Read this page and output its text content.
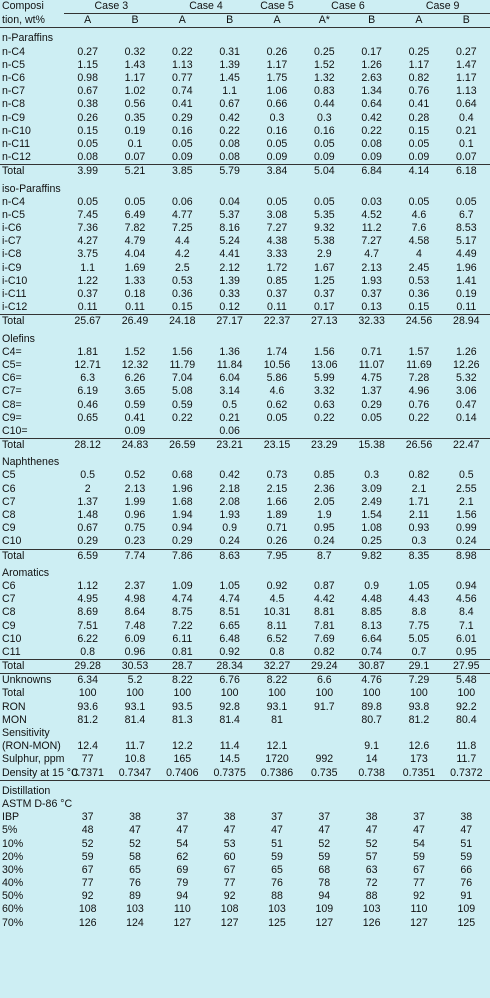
Composi	Case 3		Case 4		Case 5	Case 6		Case 9	
tion, wt%	A	B	A	B	A	A*	B	A	B
n-Paraffins									
n-C4	0.27	0.32	0.22	0.31	0.26	0.25	0.17	0.25	0.27
n-C5	1.15	1.43	1.13	1.39	1.17	1.52	1.26	1.17	1.47
n-C6	0.98	1.17	0.77	1.45	1.75	1.32	2.63	0.82	1.17
n-C7	0.67	1.02	0.74	1.1	1.06	0.83	1.34	0.76	1.13
n-C8	0.38	0.56	0.41	0.67	0.66	0.44	0.64	0.41	0.64
n-C9	0.26	0.35	0.29	0.42	0.3	0.3	0.42	0.28	0.4
n-C10	0.15	0.19	0.16	0.22	0.16	0.16	0.22	0.15	0.21
n-C11	0.05	0.1	0.05	0.08	0.05	0.05	0.08	0.05	0.1
n-C12	0.08	0.07	0.09	0.08	0.09	0.09	0.09	0.09	0.07
Total	3.99	5.21	3.85	5.79	3.84	5.04	6.84	4.14	6.18
iso-Paraffins									
n-C4	0.05	0.05	0.06	0.04	0.05	0.05	0.03	0.05	0.05
n-C5	7.45	6.49	4.77	5.37	3.08	5.35	4.52	4.6	6.7
i-C6	7.36	7.82	7.25	8.16	7.27	9.32	11.2	7.6	8.53
i-C7	4.27	4.79	4.4	5.24	4.38	5.38	7.27	4.58	5.17
i-C8	3.75	4.04	4.2	4.41	3.33	2.9	4.7	4	4.49
i-C9	1.1	1.69	2.5	2.12	1.72	1.67	2.13	2.45	1.96
i-C10	1.22	1.33	0.53	1.39	0.85	1.25	1.93	0.53	1.41
i-C11	0.37	0.18	0.36	0.33	0.37	0.37	0.37	0.36	0.19
i-C12	0.11	0.11	0.15	0.12	0.11	0.17	0.13	0.15	0.11
Total	25.67	26.49	24.18	27.17	22.37	27.13	32.33	24.56	28.94
Olefins									
C4=	1.81	1.52	1.56	1.36	1.74	1.56	0.71	1.57	1.26
C5=	12.71	12.32	11.79	11.84	10.56	13.06	11.07	11.69	12.26
C6=	6.3	6.26	7.04	6.04	5.86	5.99	4.75	7.28	5.32
C7=	6.19	3.65	5.08	3.14	4.6	3.32	1.37	4.96	3.06
C8=	0.46	0.59	0.59	0.5	0.62	0.63	0.29	0.76	0.47
C9=	0.65	0.41	0.22	0.21	0.05	0.22	0.05	0.22	0.14
C10=		0.09		0.06					
Total	28.12	24.83	26.59	23.21	23.15	23.29	15.38	26.56	22.47
Naphthenes									
C5	0.5	0.52	0.68	0.42	0.73	0.85	0.3	0.82	0.5
C6	2	2.13	1.96	2.18	2.15	2.36	3.09	2.1	2.55
C7	1.37	1.99	1.68	2.08	1.66	2.05	2.49	1.71	2.1
C8	1.48	0.96	1.94	1.93	1.89	1.9	1.54	2.11	1.56
C9	0.67	0.75	0.94	0.9	0.71	0.95	1.08	0.93	0.99
C10	0.29	0.23	0.29	0.24	0.26	0.24	0.25	0.3	0.24
Total	6.59	7.74	7.86	8.63	7.95	8.7	9.82	8.35	8.98
Aromatics									
C6	1.12	2.37	1.09	1.05	0.92	0.87	0.9	1.05	0.94
C7	4.95	4.98	4.74	4.74	4.5	4.42	4.48	4.43	4.56
C8	8.69	8.64	8.75	8.51	10.31	8.81	8.85	8.8	8.4
C9	7.51	7.48	7.22	6.65	8.11	7.81	8.13	7.75	7.1
C10	6.22	6.09	6.11	6.48	6.52	7.69	6.64	5.05	6.01
C11	0.8	0.96	0.81	0.92	0.8	0.82	0.74	0.7	0.95
Total	29.28	30.53	28.7	28.34	32.27	29.24	30.87	29.1	27.95
Unknowns	6.34	5.2	8.22	6.76	8.22	6.6	4.76	7.29	5.48
Total	100	100	100	100	100	100	100	100	100
RON	93.6	93.1	93.5	92.8	93.1	91.7	89.8	93.8	92.2
MON	81.2	81.4	81.3	81.4	81		80.7	81.2	80.4
Sensitivity									
(RON-MON)	12.4	11.7	12.2	11.4	12.1		9.1	12.6	11.8
Sulphur, ppm	77	10.8	165	14.5	1720	992	14	173	11.7
Density at 15 °C	0.7371	0.7347	0.7406	0.7375	0.7386	0.735	0.738	0.7351	0.7372
Distillation									
ASTM D-86 °C									
IBP	37	38	37	38	37	37	38	37	38
5%	48	47	47	47	47	47	47	47	47
10%	52	52	54	53	51	52	52	54	51
20%	59	58	62	60	59	59	57	59	59
30%	67	65	69	67	65	68	63	67	66
40%	77	76	79	77	76	78	72	77	76
50%	92	89	94	92	88	94	88	92	91
60%	108	103	110	108	103	109	103	110	109
70%	126	124	127	127	125	127	126	127	125
